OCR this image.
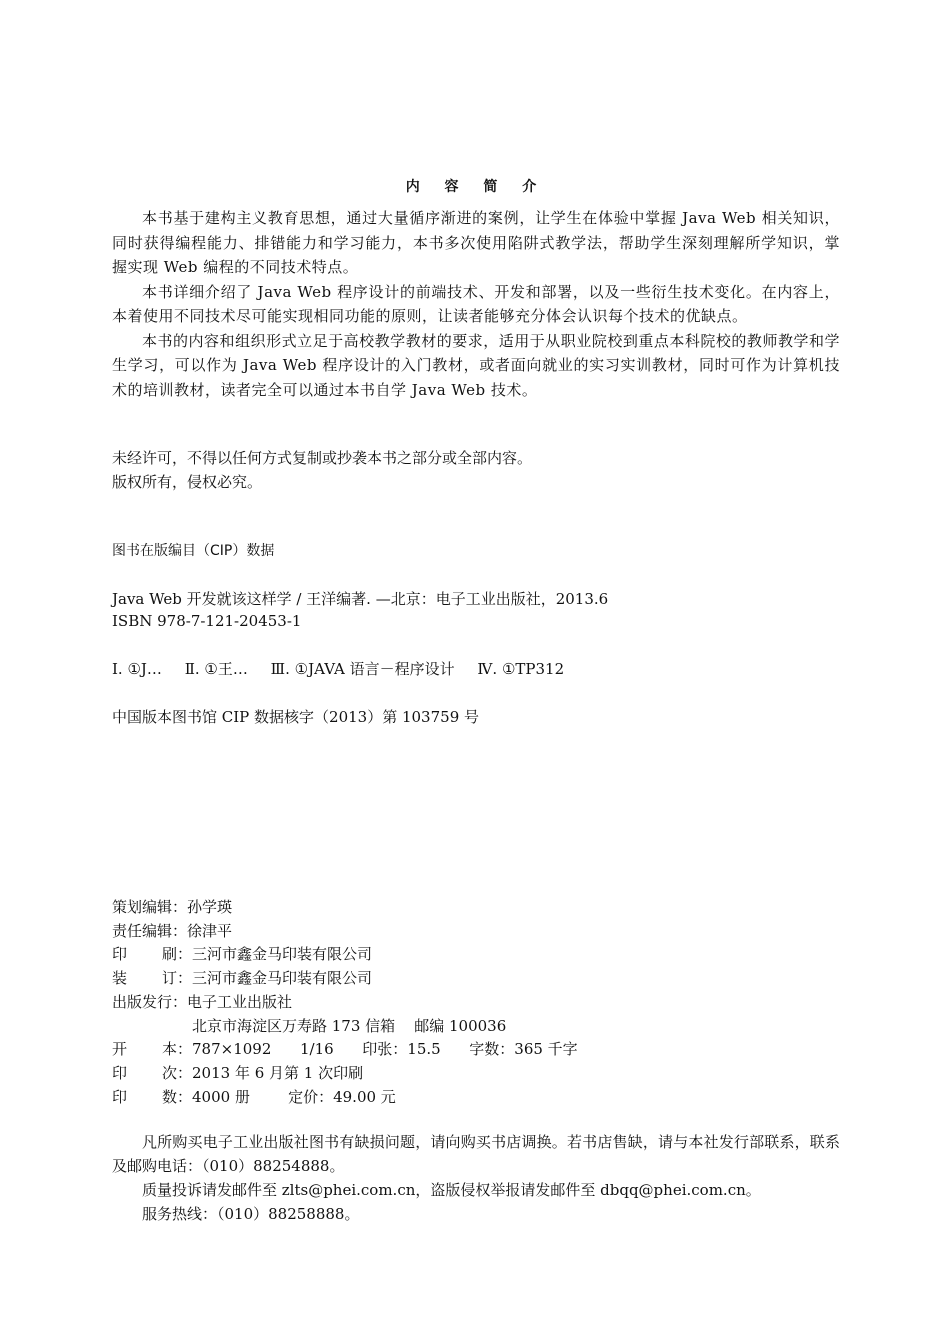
内 容 简 介

本书基于建构主义教育思想，通过大量循序渐进的案例，让学生在体验中掌握 Java Web 相关知识，同时获得编程能力、排错能力和学习能力，本书多次使用陷阱式教学法，帮助学生深刻理解所学知识，掌握实现 Web 编程的不同技术特点。

本书详细介绍了 Java Web 程序设计的前端技术、开发和部署，以及一些衍生技术变化。在内容上，本着使用不同技术尽可能实现相同功能的原则，让读者能够充分体会认识每个技术的优缺点。

本书的内容和组织形式立足于高校教学教材的要求，适用于从职业院校到重点本科院校的教师教学和学生学习，可以作为 Java Web 程序设计的入门教材，或者面向就业的实习实训教材，同时可作为计算机技术的培训教材，读者完全可以通过本书自学 Java Web 技术。

未经许可，不得以任何方式复制或抄袭本书之部分或全部内容。
版权所有，侵权必究。
图书在版编目（CIP）数据
Java Web 开发就该这样学 / 王洋编著. —北京：电子工业出版社，2013.6
ISBN 978-7-121-20453-1
Ⅰ. ①J… Ⅱ. ①王… Ⅲ. ①JAVA 语言－程序设计 Ⅳ. ①TP312
中国版本图书馆 CIP 数据核字（2013）第 103759 号
策划编辑： 孙学瑛
责任编辑： 徐津平
印 刷： 三河市鑫金马印装有限公司
装 订： 三河市鑫金马印装有限公司
出版发行： 电子工业出版社
北京市海淀区万寿路 173 信箱    邮编 100036
开 本： 787×1092      1/16      印张：15.5      字数：365 千字
印 次： 2013 年 6 月第 1 次印刷
印 数： 4000 册        定价：49.00 元

凡所购买电子工业出版社图书有缺损问题，请向购买书店调换。若书店售缺，请与本社发行部联系，联系及邮购电话：（010）88254888。

质量投诉请发邮件至 zlts@phei.com.cn，盗版侵权举报请发邮件至 dbqq@phei.com.cn。

服务热线：（010）88258888。
